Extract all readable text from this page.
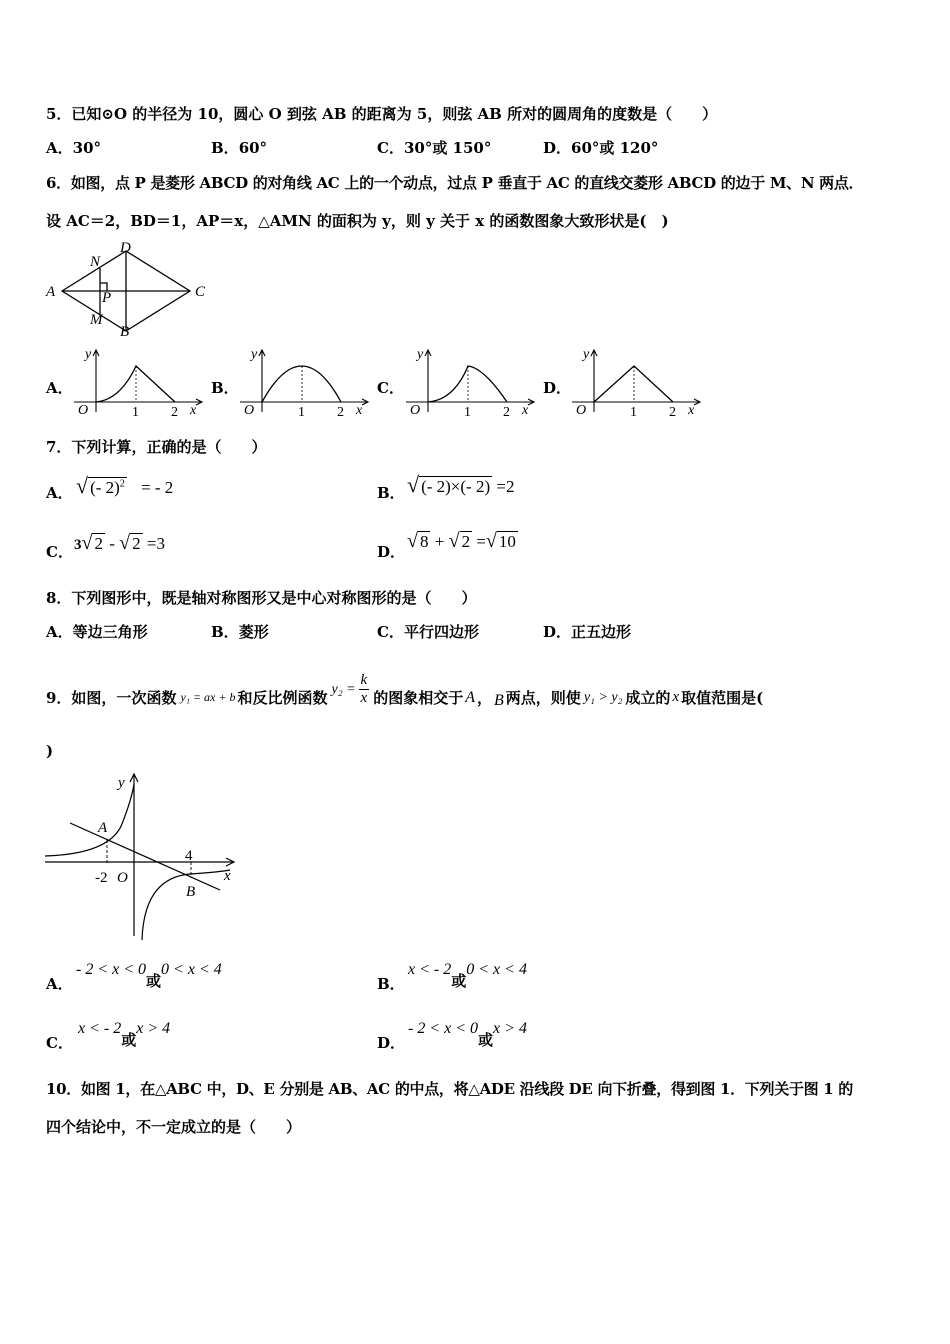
5．已知⊙O 的半径为 10，圆心 O 到弦 AB 的距离为 5，则弦 AB 所对的圆周角的度数是（　　）
A．30°	B．60°	C．30°或 150°	D．60°或 120°
6．如图，点 P 是菱形 ABCD 的对角线 AC 上的一个动点，过点 P 垂直于 AC 的直线交菱形 ABCD 的边于 M、N 两点．
设 AC＝2，BD＝1，AP＝x，△AMN 的面积为 y，则 y 关于 x 的函数图象大致形状是(　)
A
D
C
B
N
M
P
A．	B．	C．	D．
y
O	x
1 2
y
O	x
1 2
y
O	x
1 2
y
O	x
1 2
7．下列计算，正确的是（　　）
A． √ (- 2)$^2$ = - 2	B． √ (- 2)×(- 2) =2
C． 3√ 2 - √ 2 =3	D． √ 8 + √ 2 =√ 10
8．下列图形中，既是轴对称图形又是中心对称图形的是（　　）
A．等边三角形	B．菱形	C．平行四边形	D．正五边形
9．如图，一次函数 y₁ = ax + b 和反比例函数 $y_2 = \frac{k}{x}$ 的图象相交于 A ， B 两点，则使 y₁ > y₂ 成立的 x 取值范围是(
)
y
A
4
-2 O	x
B
A．
- 2 < x < 0或0 < x < 4
B．
x < - 2或0 < x < 4
C．
x < - 2或x > 4
D．
- 2 < x < 0或x > 4
10．如图 1，在△ABC 中，D、E 分别是 AB、AC 的中点，将△ADE 沿线段 DE 向下折叠，得到图 1．下列关于图 1 的
四个结论中，不一定成立的是（　　）
